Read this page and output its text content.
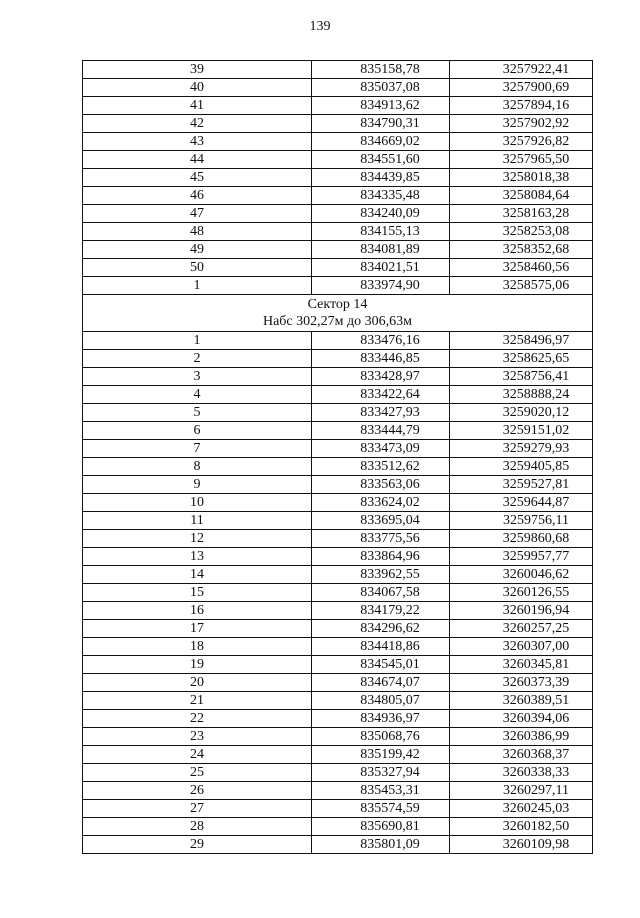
139
39	835158,78	3257922,41
40	835037,08	3257900,69
41	834913,62	3257894,16
42	834790,31	3257902,92
43	834669,02	3257926,82
44	834551,60	3257965,50
45	834439,85	3258018,38
46	834335,48	3258084,64
47	834240,09	3258163,28
48	834155,13	3258253,08
49	834081,89	3258352,68
50	834021,51	3258460,56
1	833974,90	3258575,06

Сектор 14
Набс 302,27м до 306,63м		

1	833476,16	3258496,97
2	833446,85	3258625,65
3	833428,97	3258756,41
4	833422,64	3258888,24
5	833427,93	3259020,12
6	833444,79	3259151,02
7	833473,09	3259279,93
8	833512,62	3259405,85
9	833563,06	3259527,81
10	833624,02	3259644,87
11	833695,04	3259756,11
12	833775,56	3259860,68
13	833864,96	3259957,77
14	833962,55	3260046,62
15	834067,58	3260126,55
16	834179,22	3260196,94
17	834296,62	3260257,25
18	834418,86	3260307,00
19	834545,01	3260345,81
20	834674,07	3260373,39
21	834805,07	3260389,51
22	834936,97	3260394,06
23	835068,76	3260386,99
24	835199,42	3260368,37
25	835327,94	3260338,33
26	835453,31	3260297,11
27	835574,59	3260245,03
28	835690,81	3260182,50
29	835801,09	3260109,98
